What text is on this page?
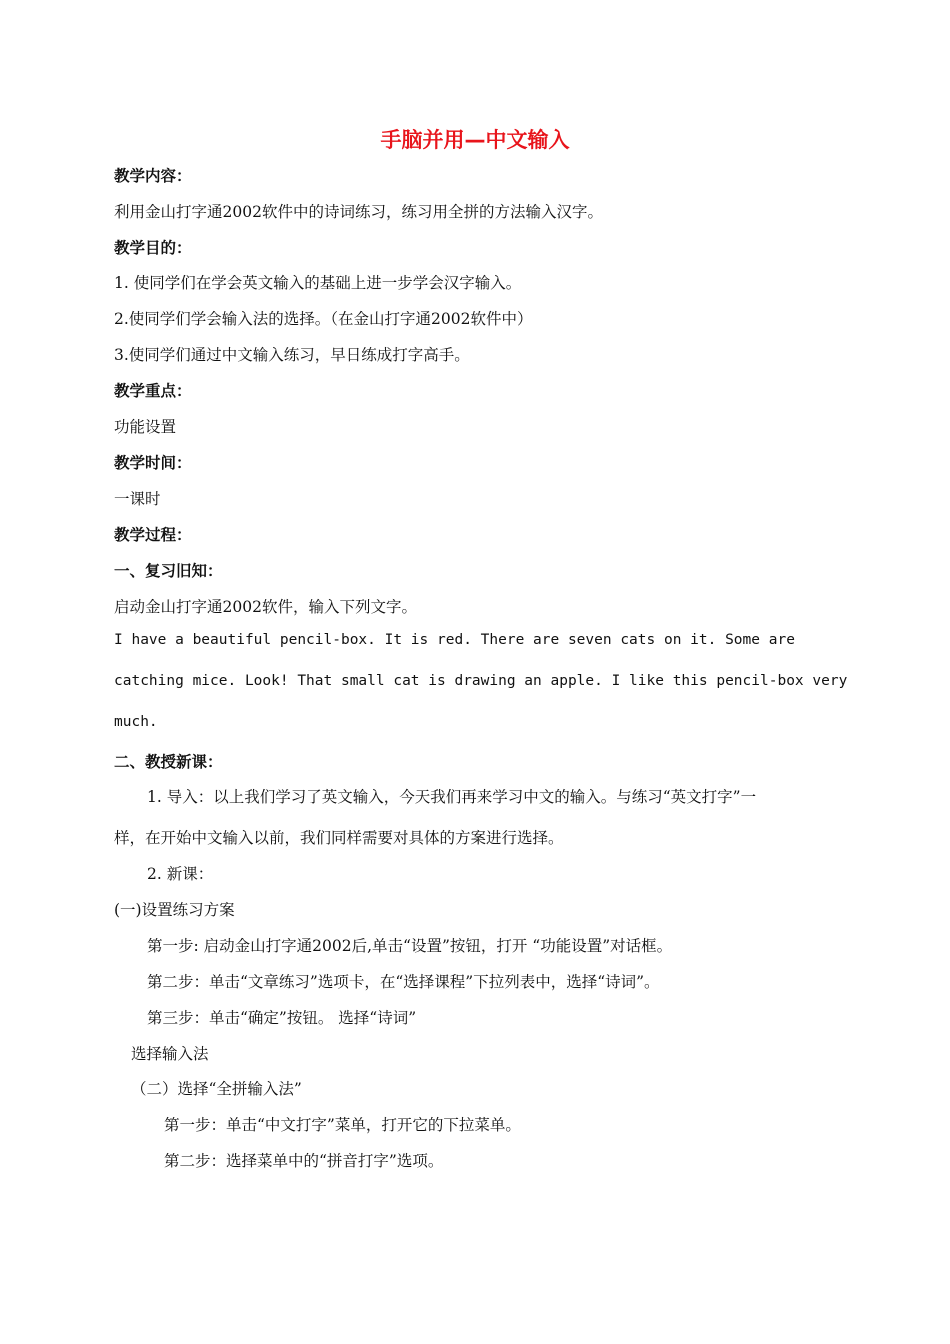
手脑并用—中文输入
教学内容：
利用金山打字通2002软件中的诗词练习，练习用全拼的方法输入汉字。
教学目的：
1. 使同学们在学会英文输入的基础上进一步学会汉字输入。
2.使同学们学会输入法的选择。（在金山打字通2002软件中）
3.使同学们通过中文输入练习，早日练成打字高手。
教学重点：
功能设置
教学时间：
一课时
教学过程：
一、复习旧知：
启动金山打字通2002软件，输入下列文字。
I have a beautiful pencil-box. It is red. There are seven cats on it. Some are
catching mice. Look! That small cat is drawing an apple. I like this pencil-box very
much.
二、教授新课：
1. 导入：以上我们学习了英文输入，今天我们再来学习中文的输入。与练习“英文打字”一
样，在开始中文输入以前，我们同样需要对具体的方案进行选择。
2. 新课：
(一)设置练习方案
第一步: 启动金山打字通2002后,单击“设置”按钮，打开 “功能设置”对话框。
第二步：单击“文章练习”选项卡，在“选择课程”下拉列表中，选择“诗词”。
第三步：单击“确定”按钮。 选择“诗词”
选择输入法
（二）选择“全拼输入法”
第一步：单击“中文打字”菜单，打开它的下拉菜单。
第二步：选择菜单中的“拼音打字”选项。
